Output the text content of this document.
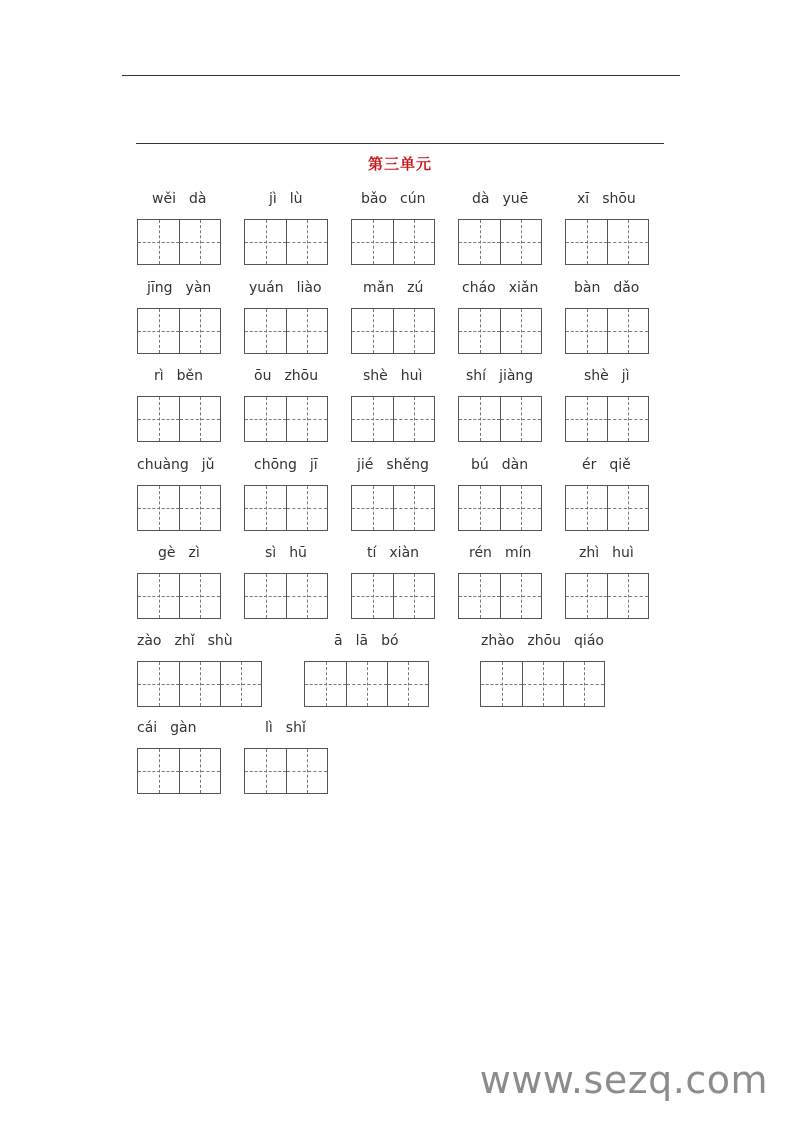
第三单元
wěi dà	jì lù	bǎo cún	dà yuē	xī shōu
jīng yàn	yuán liào	mǎn zú	cháo xiǎn	bàn dǎo
rì běn	ōu zhōu	shè huì	shí jiàng	shè jì
chuàng jǔ	chōng jī	jié shěng	bú dàn	ér qiě
gè zì	sì hū	tí xiàn	rén mín	zhì huì
zào zhǐ shù	ā lā bó	zhào zhōu qiáo
cái gàn	lì shǐ
www.sezq.com
